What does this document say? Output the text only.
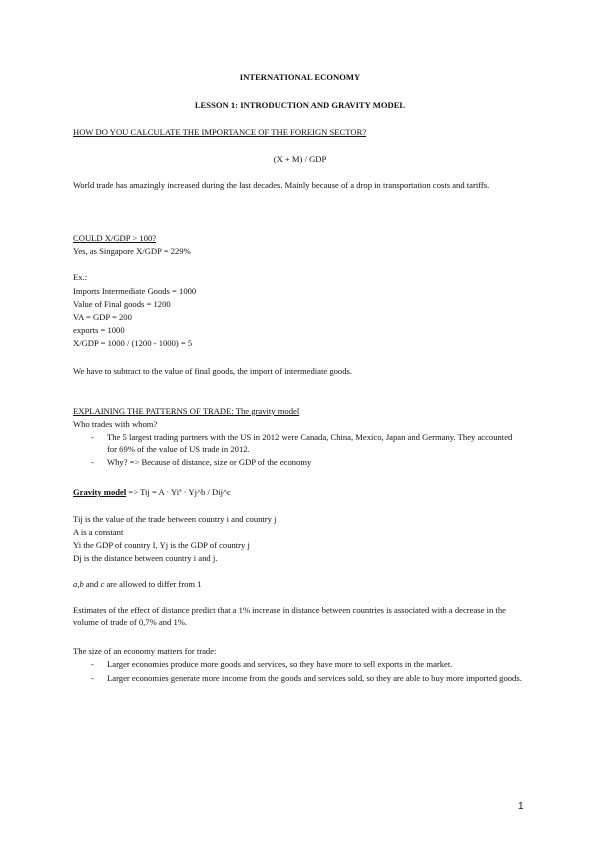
INTERNATIONAL ECONOMY
LESSON 1: INTRODUCTION AND GRAVITY MODEL
HOW DO YOU CALCULATE THE IMPORTANCE OF THE FOREIGN SECTOR?
(X + M) / GDP
World trade has amazingly increased during the last decades. Mainly because of a drop in transportation costs and tariffs.
COULD X/GDP > 100?
Yes, as Singapore X/GDP = 229%
Ex.:
Imports Intermediate Goods = 1000
Value of Final goods = 1200
VA = GDP = 200
exports = 1000
X/GDP = 1000 / (1200 - 1000) = 5
We have to subtract to the value of final goods, the import of intermediate goods.
EXPLAINING THE PATTERNS OF TRADE: The gravity model
Who trades with whom?
- The 5 largest trading partners with the US in 2012 were Canada, China, Mexico, Japan and Germany. They accounted for 69% of the value of US trade in 2012.
- Why? => Because of distance, size or GDP of the economy
Gravity model => Tij = A · Yiª · Yj^b / Dij^c
Tij is the value of the trade between country i and country j
A is a constant
Yi the GDP of country I, Yj is the GDP of country j
Dj is the distance between country i and j.
a,b and c are allowed to differ from 1
Estimates of the effect of distance predict that a 1% increase in distance between countries is associated with a decrease in the volume of trade of 0,7% and 1%.
The size of an economy matters for trade:
- Larger economies produce more goods and services, so they have more to sell exports in the market.
- Larger economies generate more income from the goods and services sold, so they are able to buy more imported goods.
1
